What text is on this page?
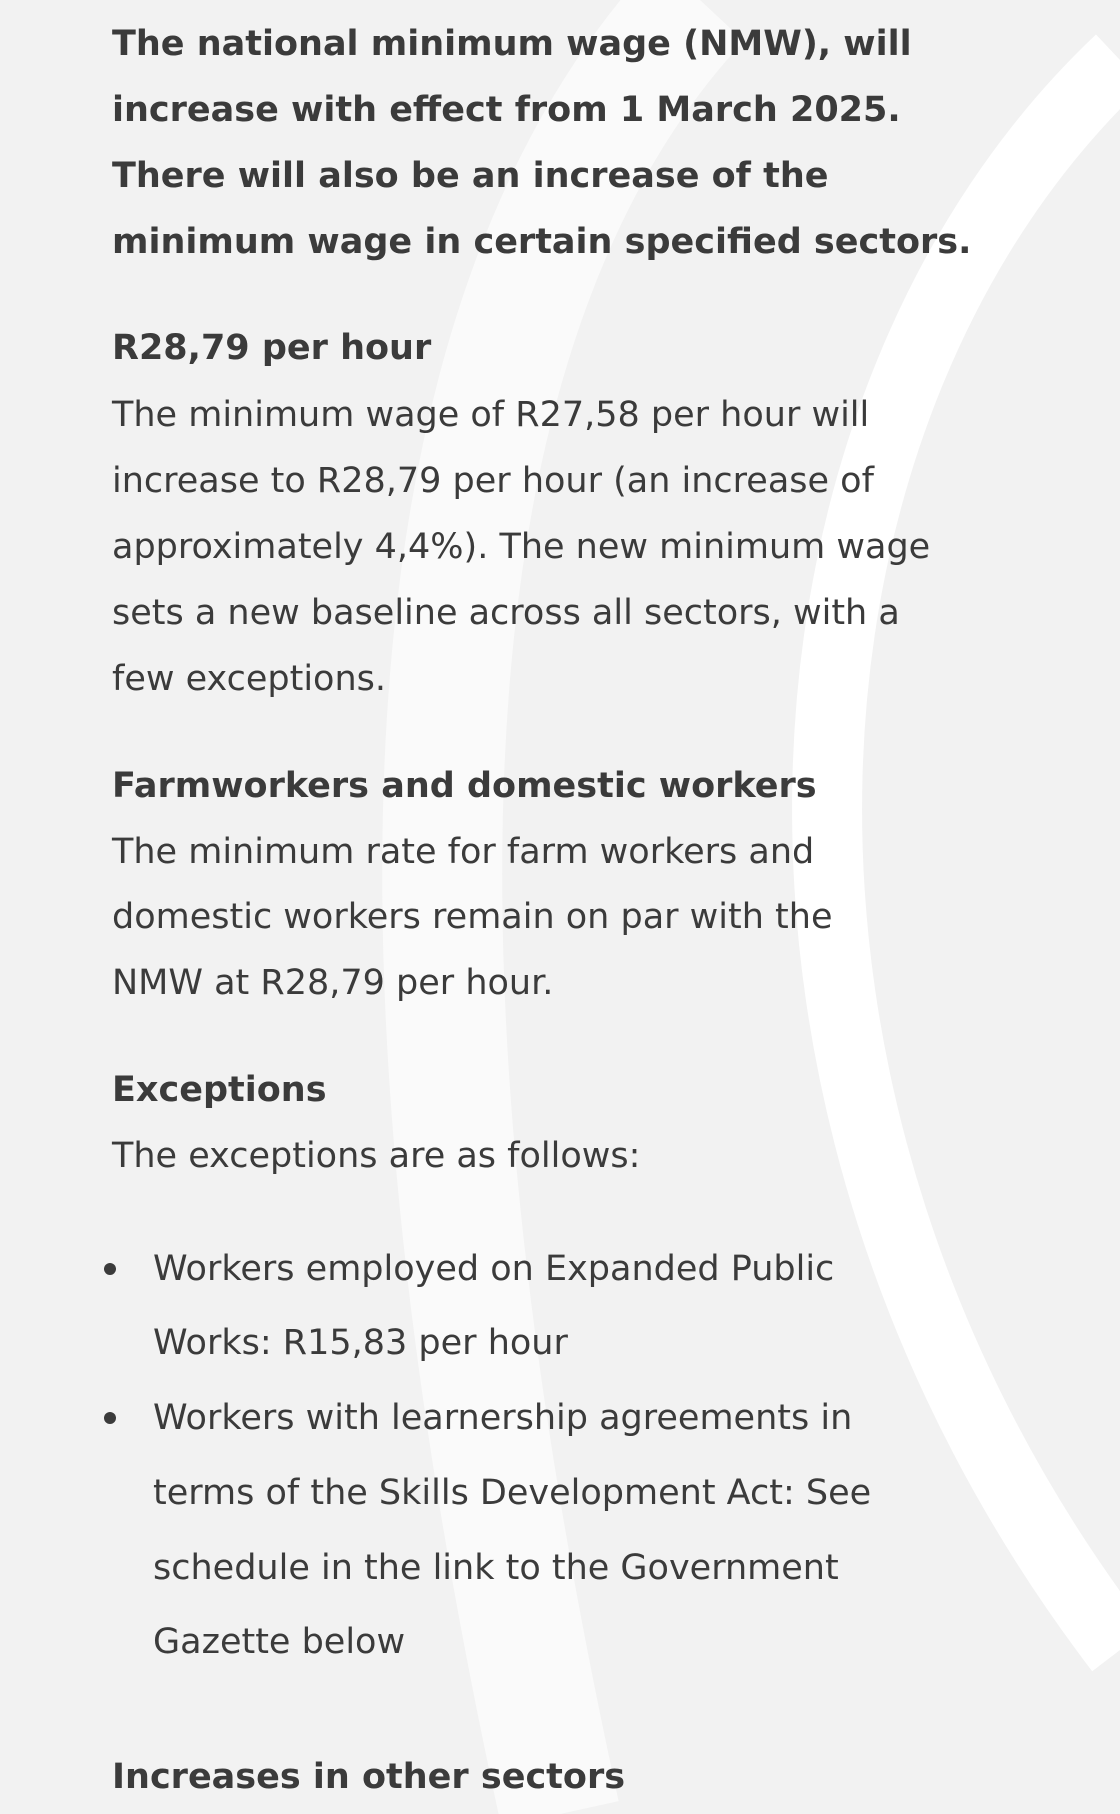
The national minimum wage (NMW), will
increase with effect from 1 March 2025.
There will also be an increase of the
minimum wage in certain specified sectors.
R28,79 per hour
The minimum wage of R27,58 per hour will
increase to R28,79 per hour (an increase of
approximately 4,4%). The new minimum wage
sets a new baseline across all sectors, with a
few exceptions.
Farmworkers and domestic workers
The minimum rate for farm workers and
domestic workers remain on par with the
NMW at R28,79 per hour.
Exceptions
The exceptions are as follows:
Workers employed on Expanded Public
Works: R15,83 per hour
Workers with learnership agreements in
terms of the Skills Development Act: See
schedule in the link to the Government
Gazette below
Increases in other sectors
